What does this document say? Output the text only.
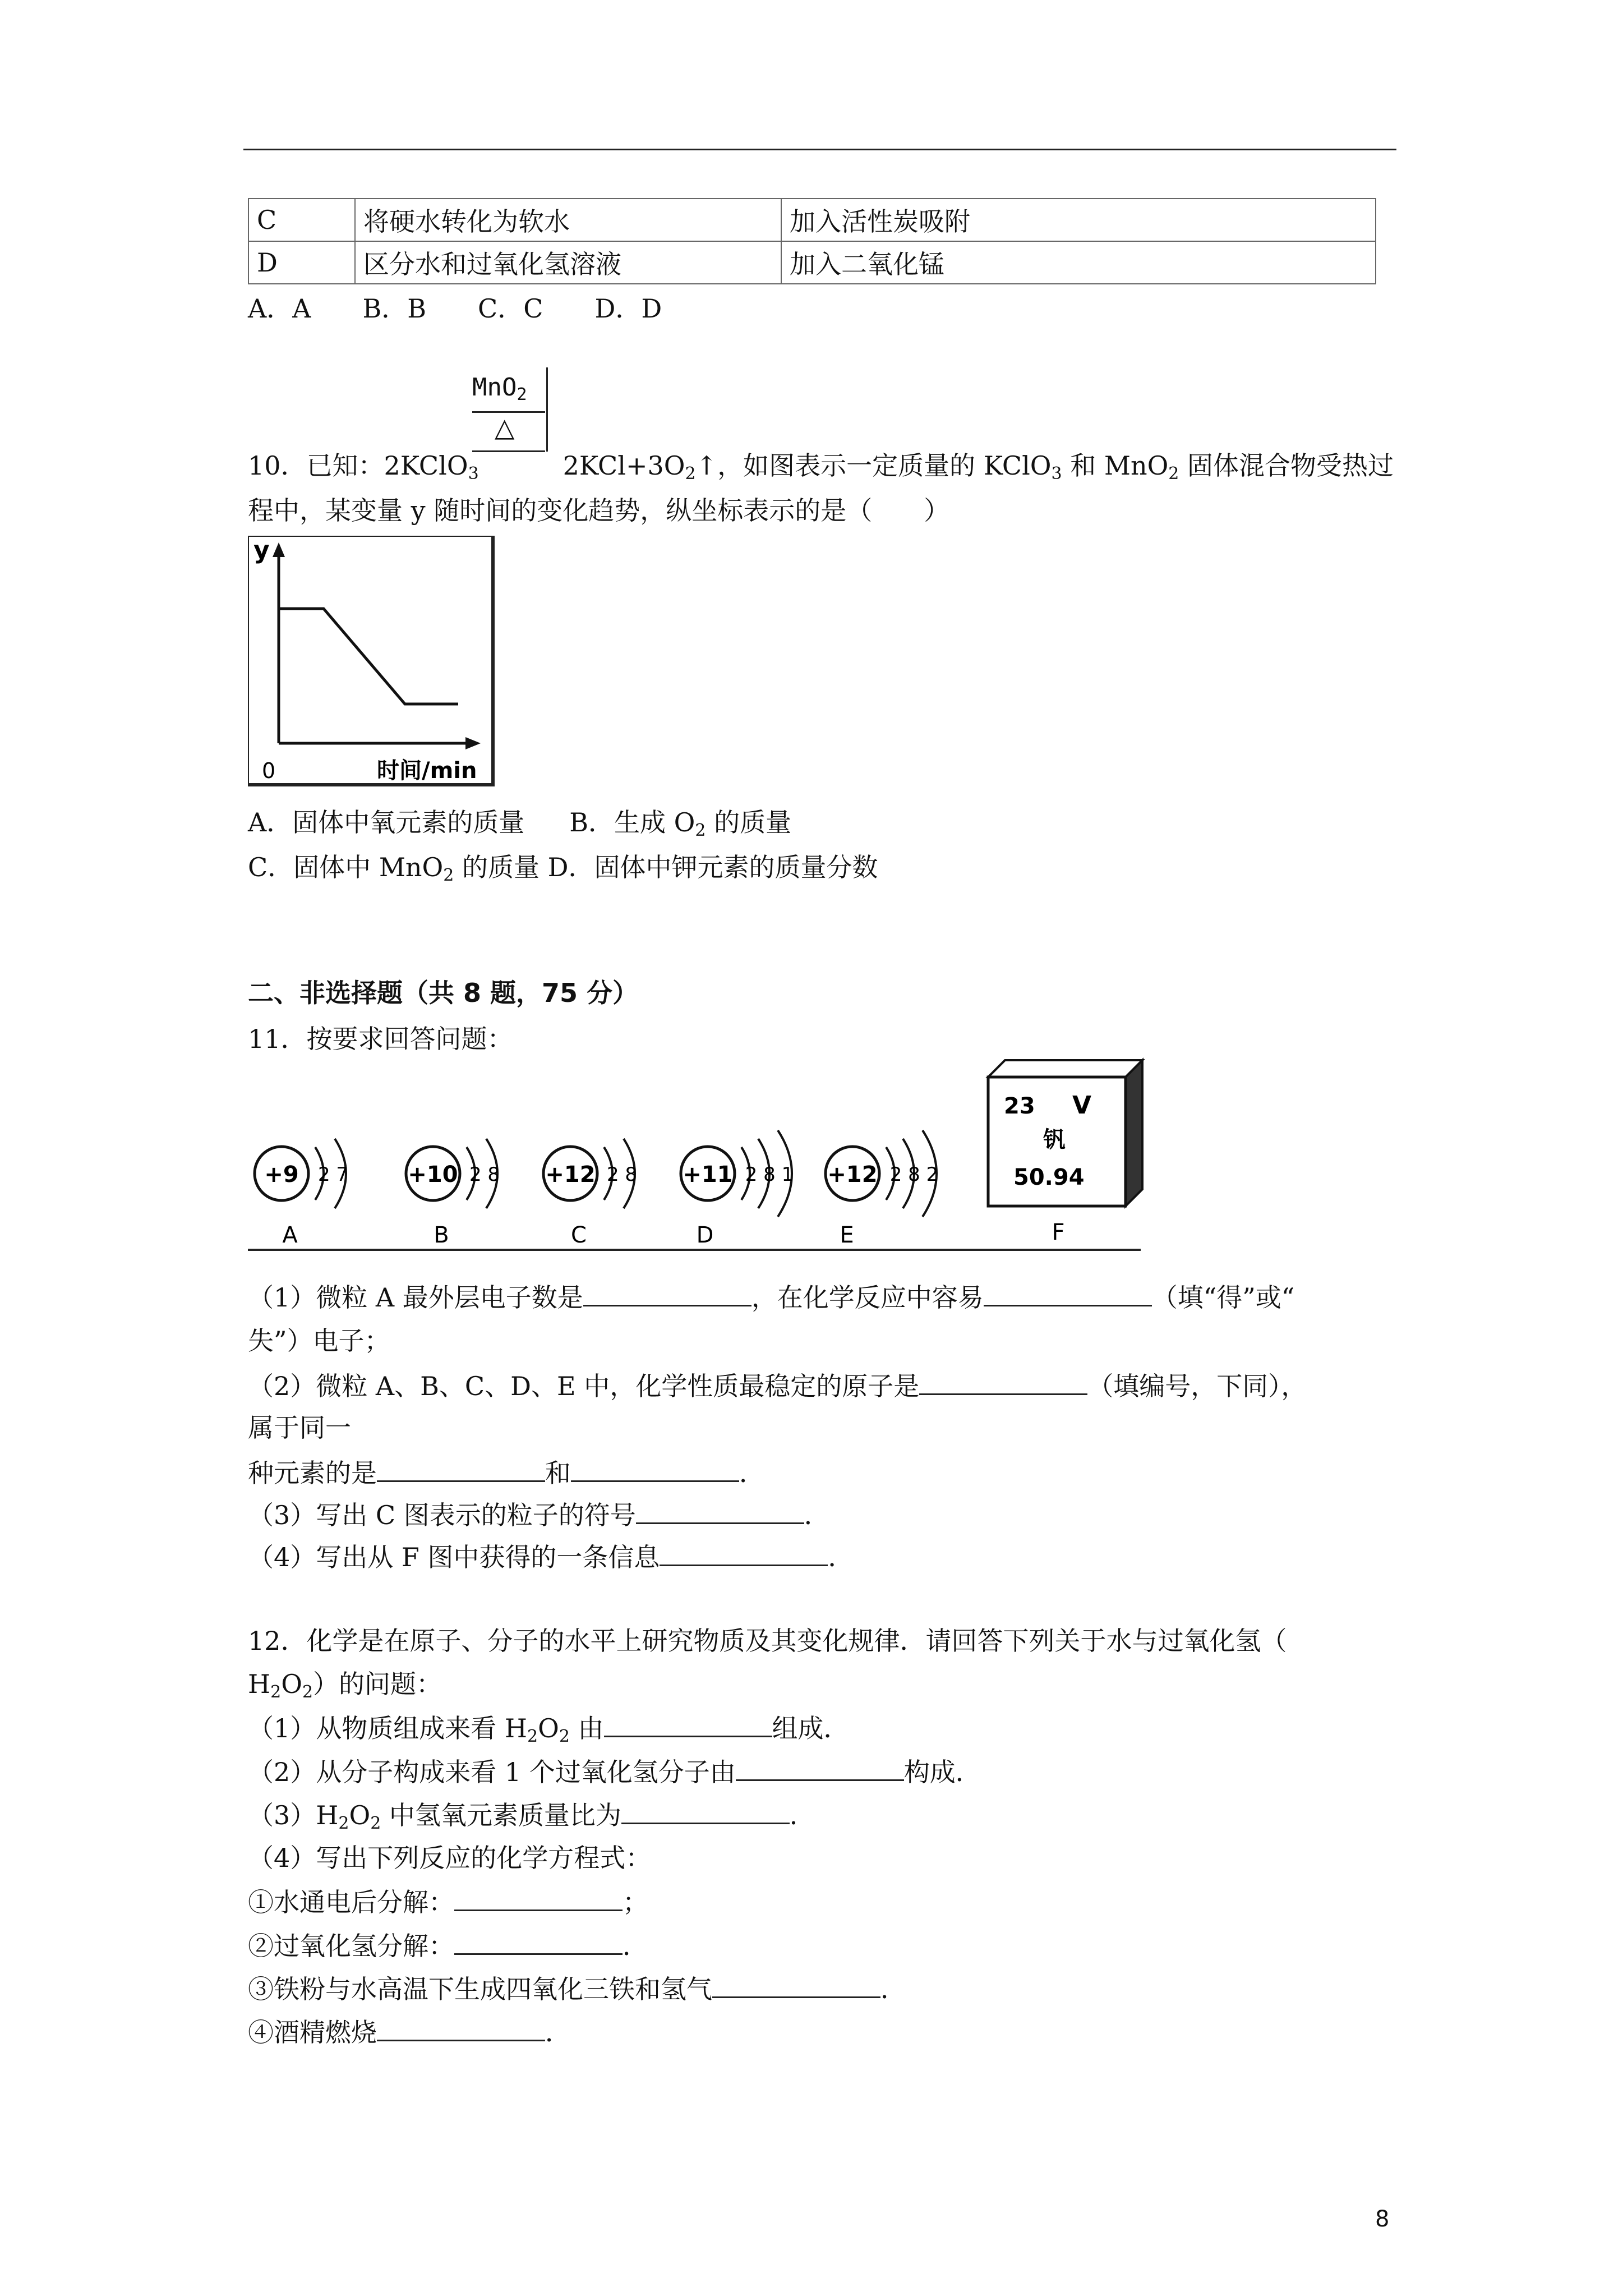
C	将硬水转化为软水	加入活性炭吸附
D	区分水和过氧化氢溶液	加入二氧化锰
A．A　　B．B　　C．C　　D．D
MnO$_2$
△
10．已知：2KClO$_3$	$2KCl+3O_2↑$，如图表示一定质量的 KClO$_3$ 和 MnO$_2$ 固体混合物受热过
程中，某变量 y 随时间的变化趋势，纵坐标表示的是（　　）
y
0	时间/min
A．固体中氧元素的质量 B．生成 $O_2$ 的质量
C．固体中 MnO$_2$ 的质量 D．固体中钾元素的质量分数
二、非选择题（共 8 题，75 分）
11．按要求回答问题：
+9 2 7
A
+10 2 8
B
+12 2 8
C
+11 2 8 1
D
+12 2 8 2
E
23 V
钒
50.94
F
（1）微粒 A 最外层电子数是	，在化学反应中容易	（填“得”或“
失”）电子；
（2）微粒 A、B、C、D、E 中，化学性质最稳定的原子是	（填编号，下同），
属于同一
种元素的是	和	．
（3）写出 C 图表示的粒子的符号	．
（4）写出从 F 图中获得的一条信息	．
12．化学是在原子、分子的水平上研究物质及其变化规律．请回答下列关于水与过氧化氢（
$H_2O_2$）的问题：
（1）从物质组成来看 $H_2O_2$ 由	组成．
（2）从分子构成来看 1 个过氧化氢分子由	构成．
$(3)H_2O_2$ 中氢氧元素质量比为	．
（4）写出下列反应的化学方程式：
①水通电后分解：	；
②过氧化氢分解：	．
③铁粉与水高温下生成四氧化三铁和氢气	．
④酒精燃烧	．
8
